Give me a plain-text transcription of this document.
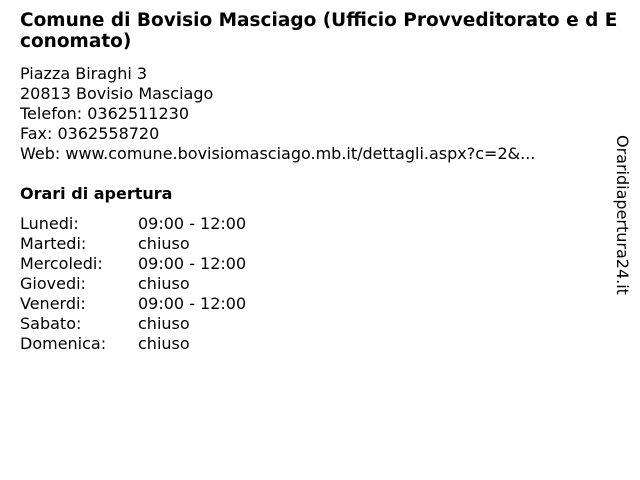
Comune di Bovisio Masciago (Ufficio Provveditorato e d Economato)
Piazza Biraghi 3
20813 Bovisio Masciago
Telefon: 0362511230
Fax: 0362558720
Web: www.comune.bovisiomasciago.mb.it/dettagli.aspx?c=2&...
Orari di apertura
Lunedi:	09:00 - 12:00
Martedi:	chiuso
Mercoledi: 09:00 - 12:00
Giovedi:	chiuso
Venerdi:	09:00 - 12:00
Sabato:	chiuso
Domenica: chiuso
Oraridiapertura24.it
